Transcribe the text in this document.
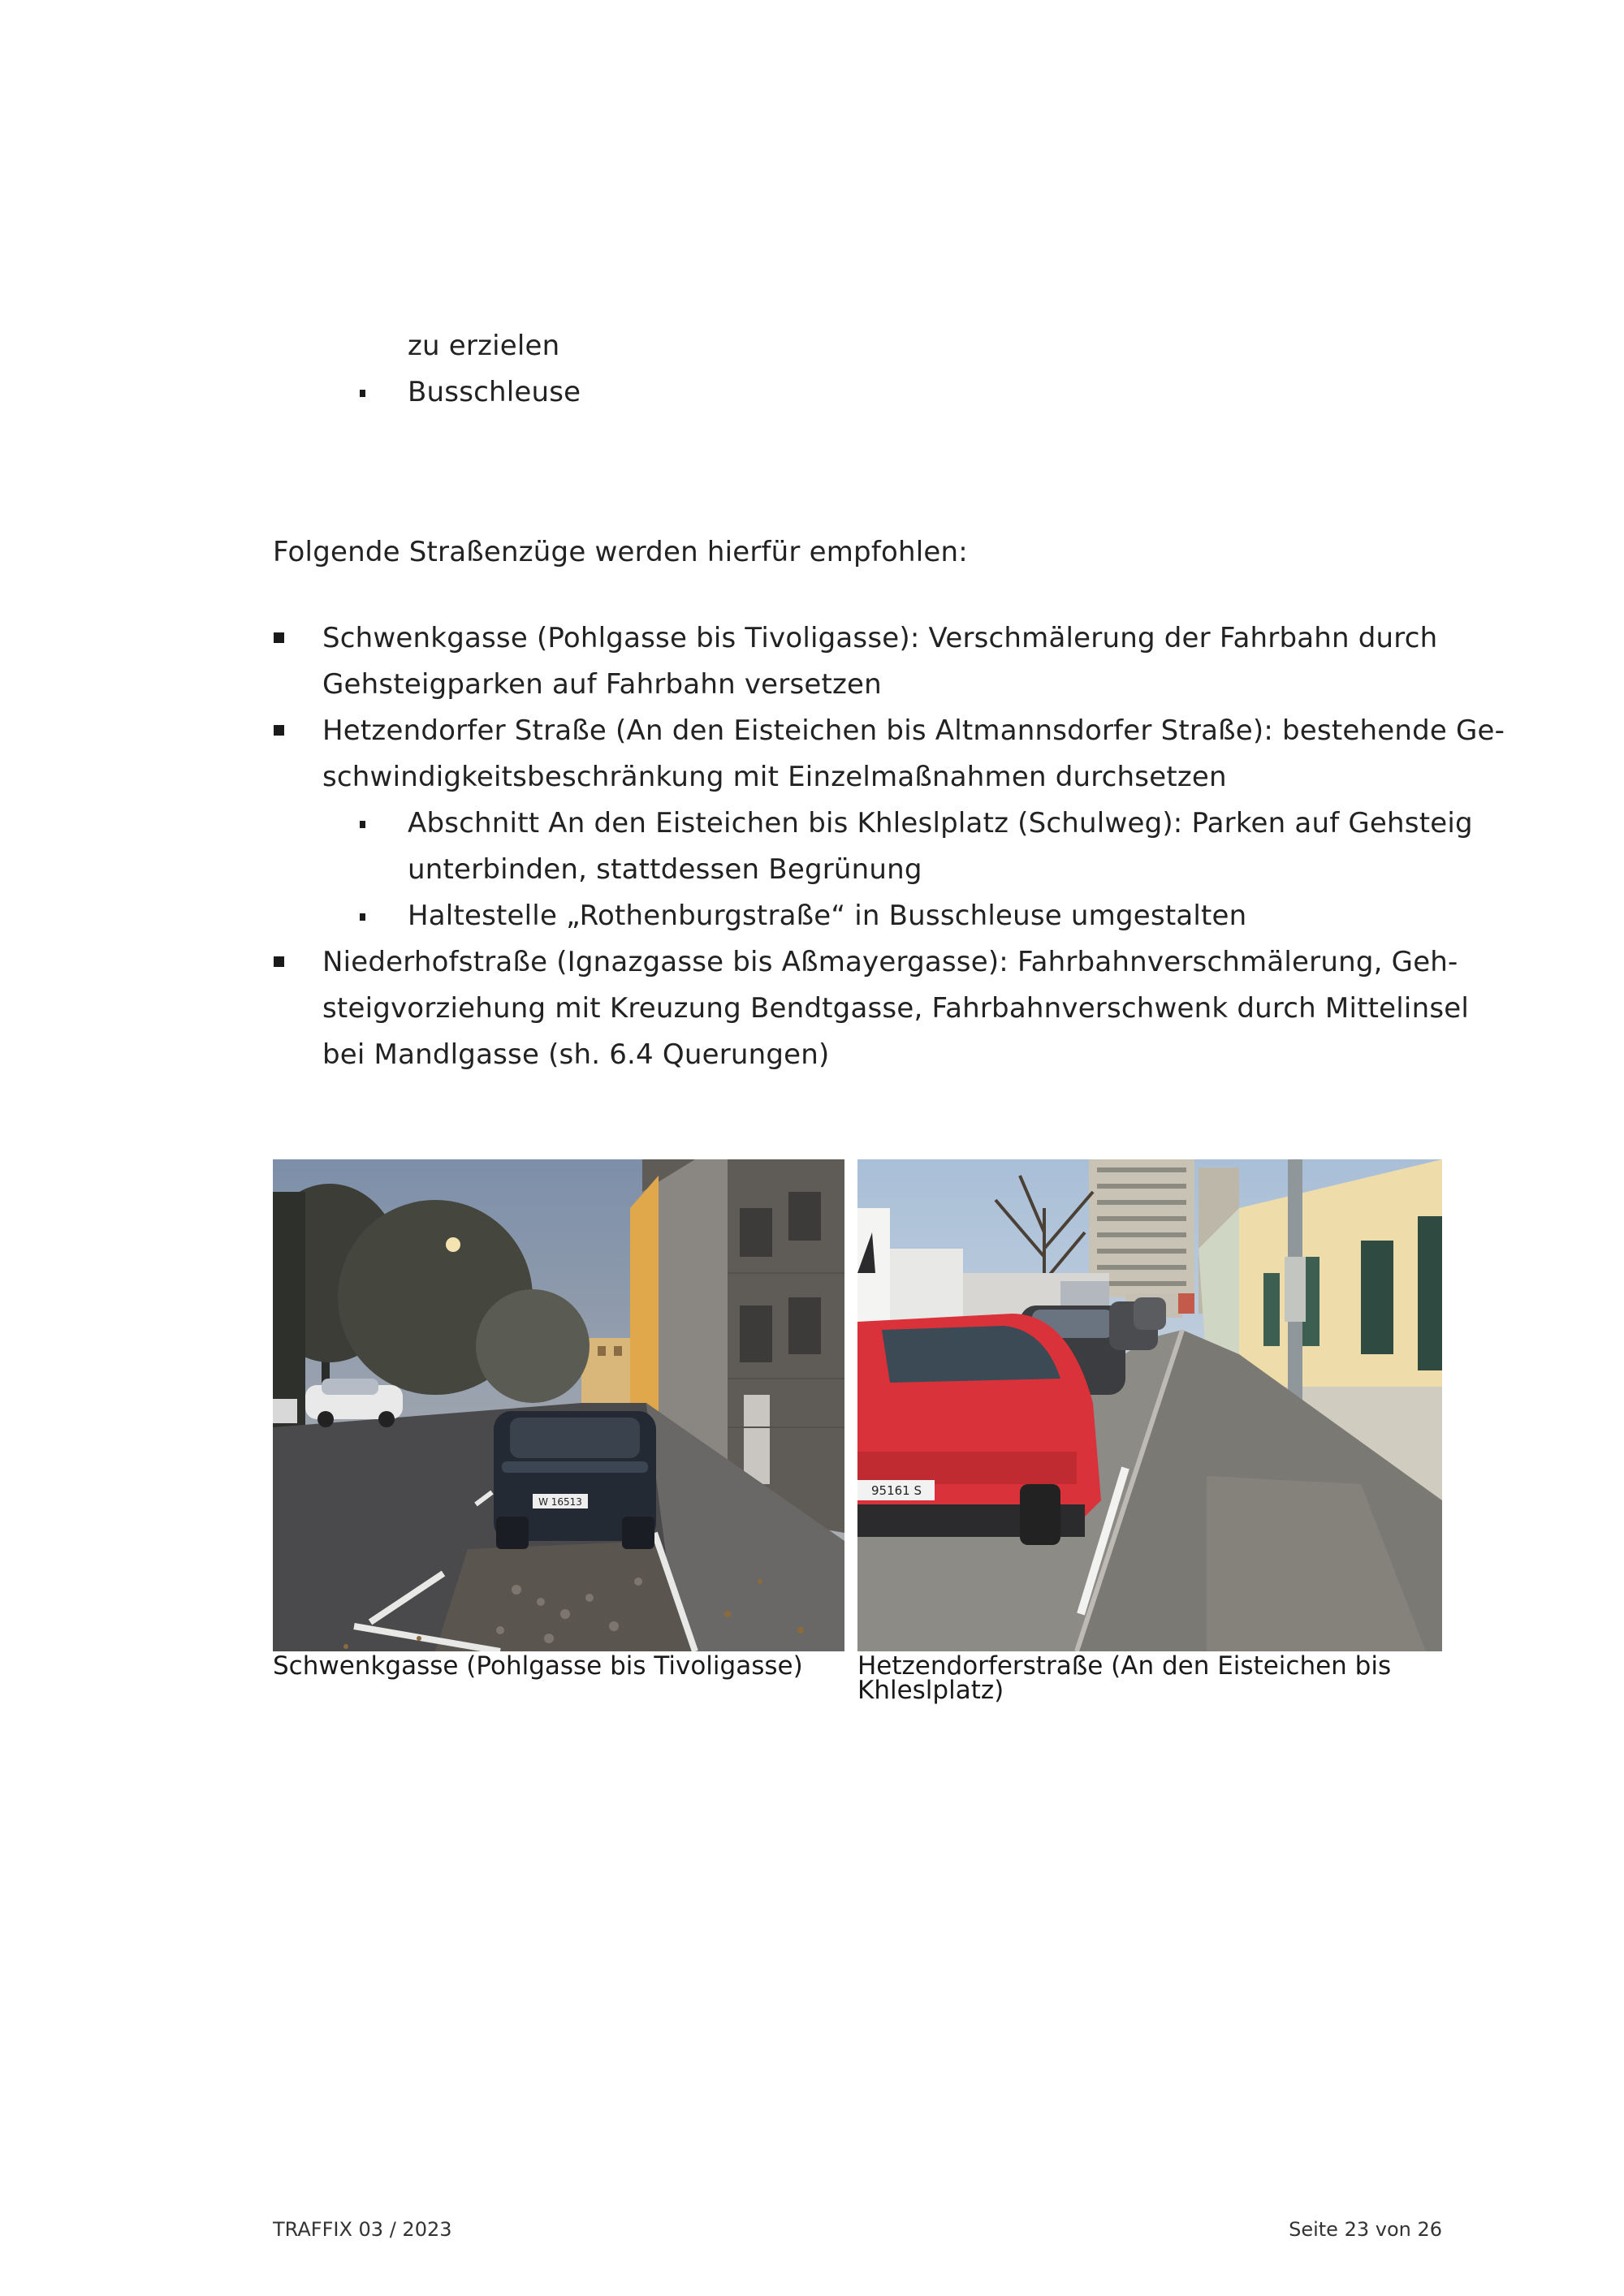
zu erzielen
Busschleuse
Folgende Straßenzüge werden hierfür empfohlen:
Schwenkgasse (Pohlgasse bis Tivoligasse): Verschmälerung der Fahrbahn durch
Gehsteigparken auf Fahrbahn versetzen
Hetzendorfer Straße (An den Eisteichen bis Altmannsdorfer Straße): bestehende Ge-
schwindigkeitsbeschränkung mit Einzelmaßnahmen durchsetzen
Abschnitt An den Eisteichen bis Khleslplatz (Schulweg): Parken auf Gehsteig
unterbinden, stattdessen Begrünung
Haltestelle „Rothenburgstraße“ in Busschleuse umgestalten
Niederhofstraße (Ignazgasse bis Aßmayergasse): Fahrbahnverschmälerung, Geh-
steigvorziehung mit Kreuzung Bendtgasse, Fahrbahnverschwenk durch Mittelinsel
bei Mandlgasse (sh. 6.4 Querungen)
W 16513
95161 S
Schwenkgasse (Pohlgasse bis Tivoligasse)	Hetzendorferstraße (An den Eisteichen bis
Khleslplatz)
TRAFFIX 03 / 2023	Seite 23 von 26
